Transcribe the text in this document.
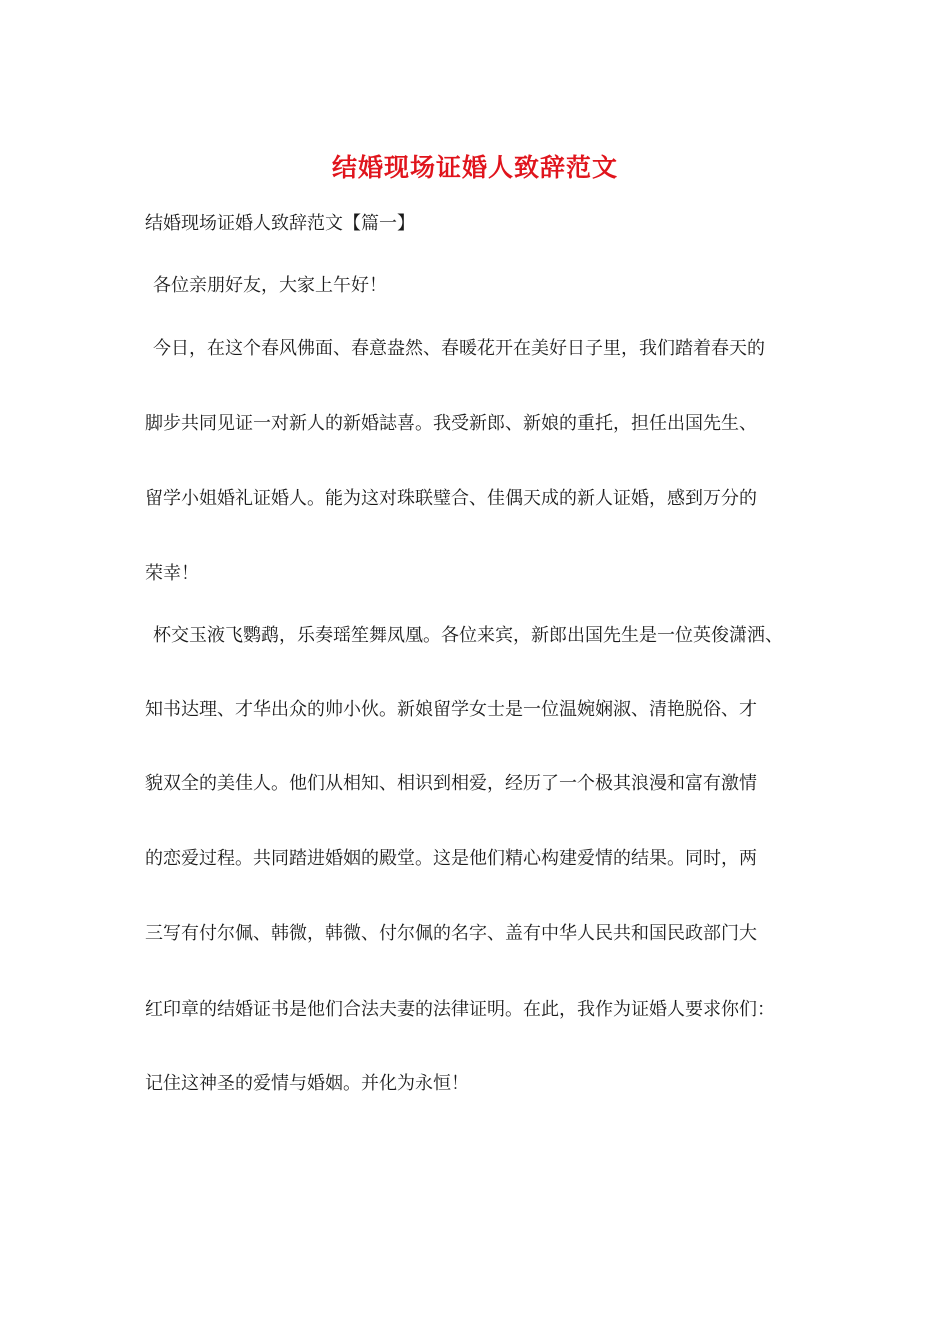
结婚现场证婚人致辞范文
结婚现场证婚人致辞范文【篇一】
各位亲朋好友，大家上午好！
今日，在这个春风佛面、春意盎然、春暖花开在美好日子里，我们踏着春天的
脚步共同见证一对新人的新婚誌喜。我受新郎、新娘的重托，担任出国先生、
留学小姐婚礼证婚人。能为这对珠联璧合、佳偶天成的新人证婚，感到万分的
荣幸！
杯交玉液飞鹦鹉，乐奏瑶笙舞凤凰。各位来宾，新郎出国先生是一位英俊潇洒、
知书达理、才华出众的帅小伙。新娘留学女士是一位温婉娴淑、清艳脱俗、才
貌双全的美佳人。他们从相知、相识到相爱，经历了一个极其浪漫和富有激情
的恋爱过程。共同踏进婚姻的殿堂。这是他们精心构建爱情的结果。同时，两
三写有付尔佩、韩微，韩微、付尔佩的名字、盖有中华人民共和国民政部门大
红印章的结婚证书是他们合法夫妻的法律证明。在此，我作为证婚人要求你们：
记住这神圣的爱情与婚姻。并化为永恒！
